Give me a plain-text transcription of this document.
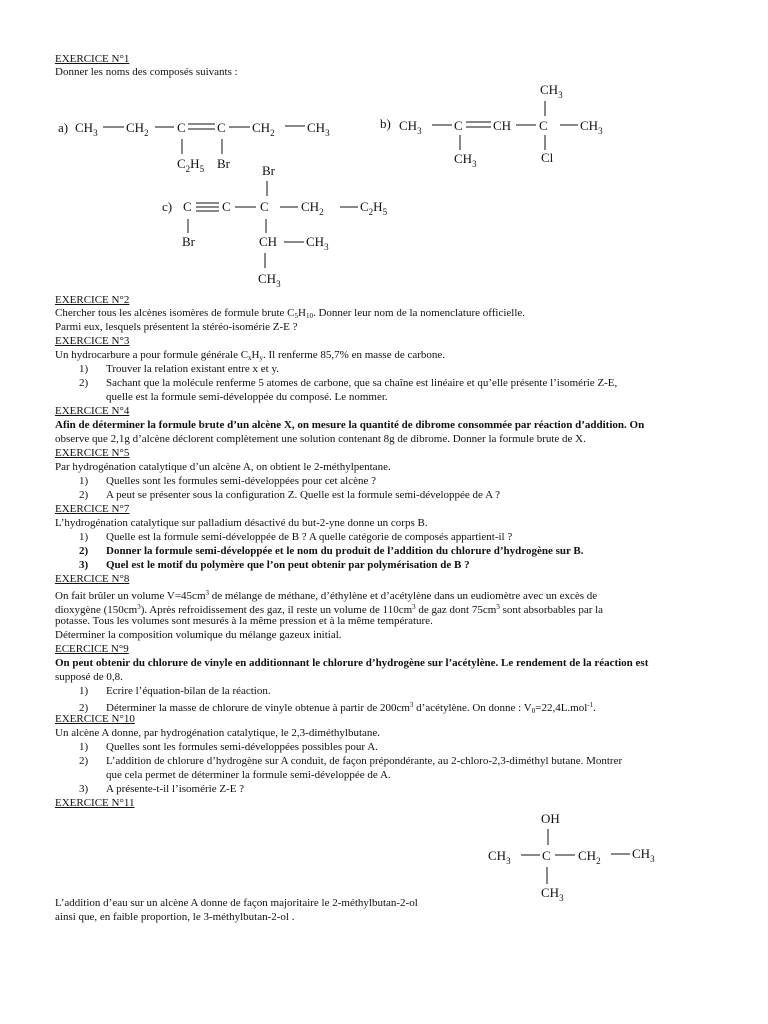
EXERCICE N°1
Donner les noms des composés suivants :
a) $CH_3$ $CH_2$ C C $CH_2$ $CH_3$
$C_2H_5$ Br
b) $CH_3$ C CH C $CH_3$
$CH_3$
$CH_3$	Cl
Br
c) C C C $CH_2$	$C_2H_5$
Br	CH $CH_3$
$CH_3$
EXERCICE N°2
Chercher tous les alcènes isomères de formule brute $C_5H_{10}$. Donner leur nom de la nomenclature officielle.
Parmi eux, lesquels présentent la stéréo-isomérie Z-E ?
EXERCICE N°3
Un hydrocarbure a pour formule générale $C_xH_y$. Il renferme 85,7% en masse de carbone.
1) Trouver la relation existant entre x et y.
2) Sachant que la molécule renferme 5 atomes de carbone, que sa chaîne est linéaire et qu’elle présente l’isomérie Z-E,
quelle est la formule semi-développée du composé. Le nommer.
EXERCICE N°4
Afin de déterminer la formule brute d’un alcène X, on mesure la quantité de dibrome consommée par réaction d’addition. On
observe que 2,1g d’alcène déclorent complètement une solution contenant 8g de dibrome. Donner la formule brute de X.
EXERCICE N°5
Par hydrogénation catalytique d’un alcène A, on obtient le 2-méthylpentane.
1) Quelles sont les formules semi-développées pour cet alcène ?
2) A peut se présenter sous la configuration Z. Quelle est la formule semi-développée de A ?
EXERCICE N°7
L’hydrogénation catalytique sur palladium désactivé du but-2-yne donne un corps B.
1) Quelle est la formule semi-développée de B ? A quelle catégorie de composés appartient-il ?
2) Donner la formule semi-développée et le nom du produit de l’addition du chlorure d’hydrogène sur B.
3) Quel est le motif du polymère que l’on peut obtenir par polymérisation de B ?
EXERCICE N°8
On fait brûler un volume $V=45cm^3$ de mélange de méthane, d’éthylène et d’acétylène dans un eudiomètre avec un excès de
dioxygène $(150cm^3)$. Après refroidissement des gaz, il reste un volume de $110cm^3$ de gaz dont $75cm^3$ sont absorbables par la
potasse. Tous les volumes sont mesurés à la même pression et à la même température.
Déterminer la composition volumique du mélange gazeux initial.
ECERCICE N°9
On peut obtenir du chlorure de vinyle en additionnant le chlorure d’hydrogène sur l’acétylène. Le rendement de la réaction est
supposé de 0,8.
1) Ecrire l’équation-bilan de la réaction.
2) Déterminer la masse de chlorure de vinyle obtenue à partir de $200cm^3$ d’acétylène. On donne : $V_0=22,4L.mol^{-1}$.
EXERCICE N°10
Un alcène A donne, par hydrogénation catalytique, le 2,3-diméthylbutane.
1) Quelles sont les formules semi-développées possibles pour A.
2) L’addition de chlorure d’hydrogène sur A conduit, de façon prépondérante, au 2-chloro-2,3-diméthyl butane. Montrer
que cela permet de déterminer la formule semi-développée de A.
3) A présente-t-il l’isomérie Z-E ?
EXERCICE N°11
OH
$CH_3$ C $CH_2$ $CH_3$
$CH_3$
L’addition d’eau sur un alcène A donne de façon majoritaire le 2-méthylbutan-2-ol
ainsi que, en faible proportion, le 3-méthylbutan-2-ol .
